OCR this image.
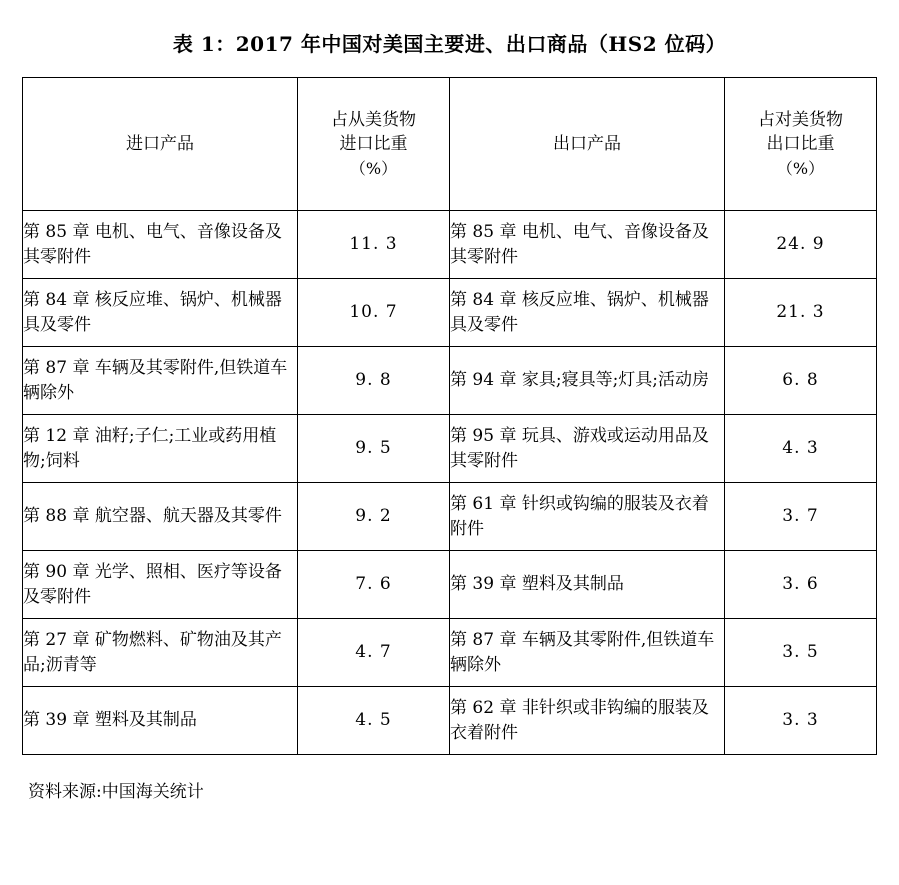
表 1：2017 年中国对美国主要进、出口商品（HS2 位码）
进口产品	占从美货物
进口比重
（%）	出口产品	占对美货物
出口比重
（%）

第 85 章 电机、电气、音像设备及其零附件	11. 3	第 85 章 电机、电气、音像设备及其零附件	24. 9
第 84 章 核反应堆、锅炉、机械器具及零件	10. 7	第 84 章 核反应堆、锅炉、机械器具及零件	21. 3
第 87 章 车辆及其零附件,但铁道车辆除外	9. 8	第 94 章 家具;寝具等;灯具;活动房	6. 8
第 12 章 油籽;子仁;工业或药用植物;饲料	9. 5	第 95 章 玩具、游戏或运动用品及其零附件	4. 3
第 88 章 航空器、航天器及其零件	9. 2	第 61 章 针织或钩编的服装及衣着附件	3. 7
第 90 章 光学、照相、医疗等设备及零附件	7. 6	第 39 章 塑料及其制品	3. 6
第 27 章 矿物燃料、矿物油及其产品;沥青等	4. 7	第 87 章 车辆及其零附件,但铁道车辆除外	3. 5
第 39 章 塑料及其制品	4. 5	第 62 章 非针织或非钩编的服装及衣着附件	3. 3
资料来源:中国海关统计
